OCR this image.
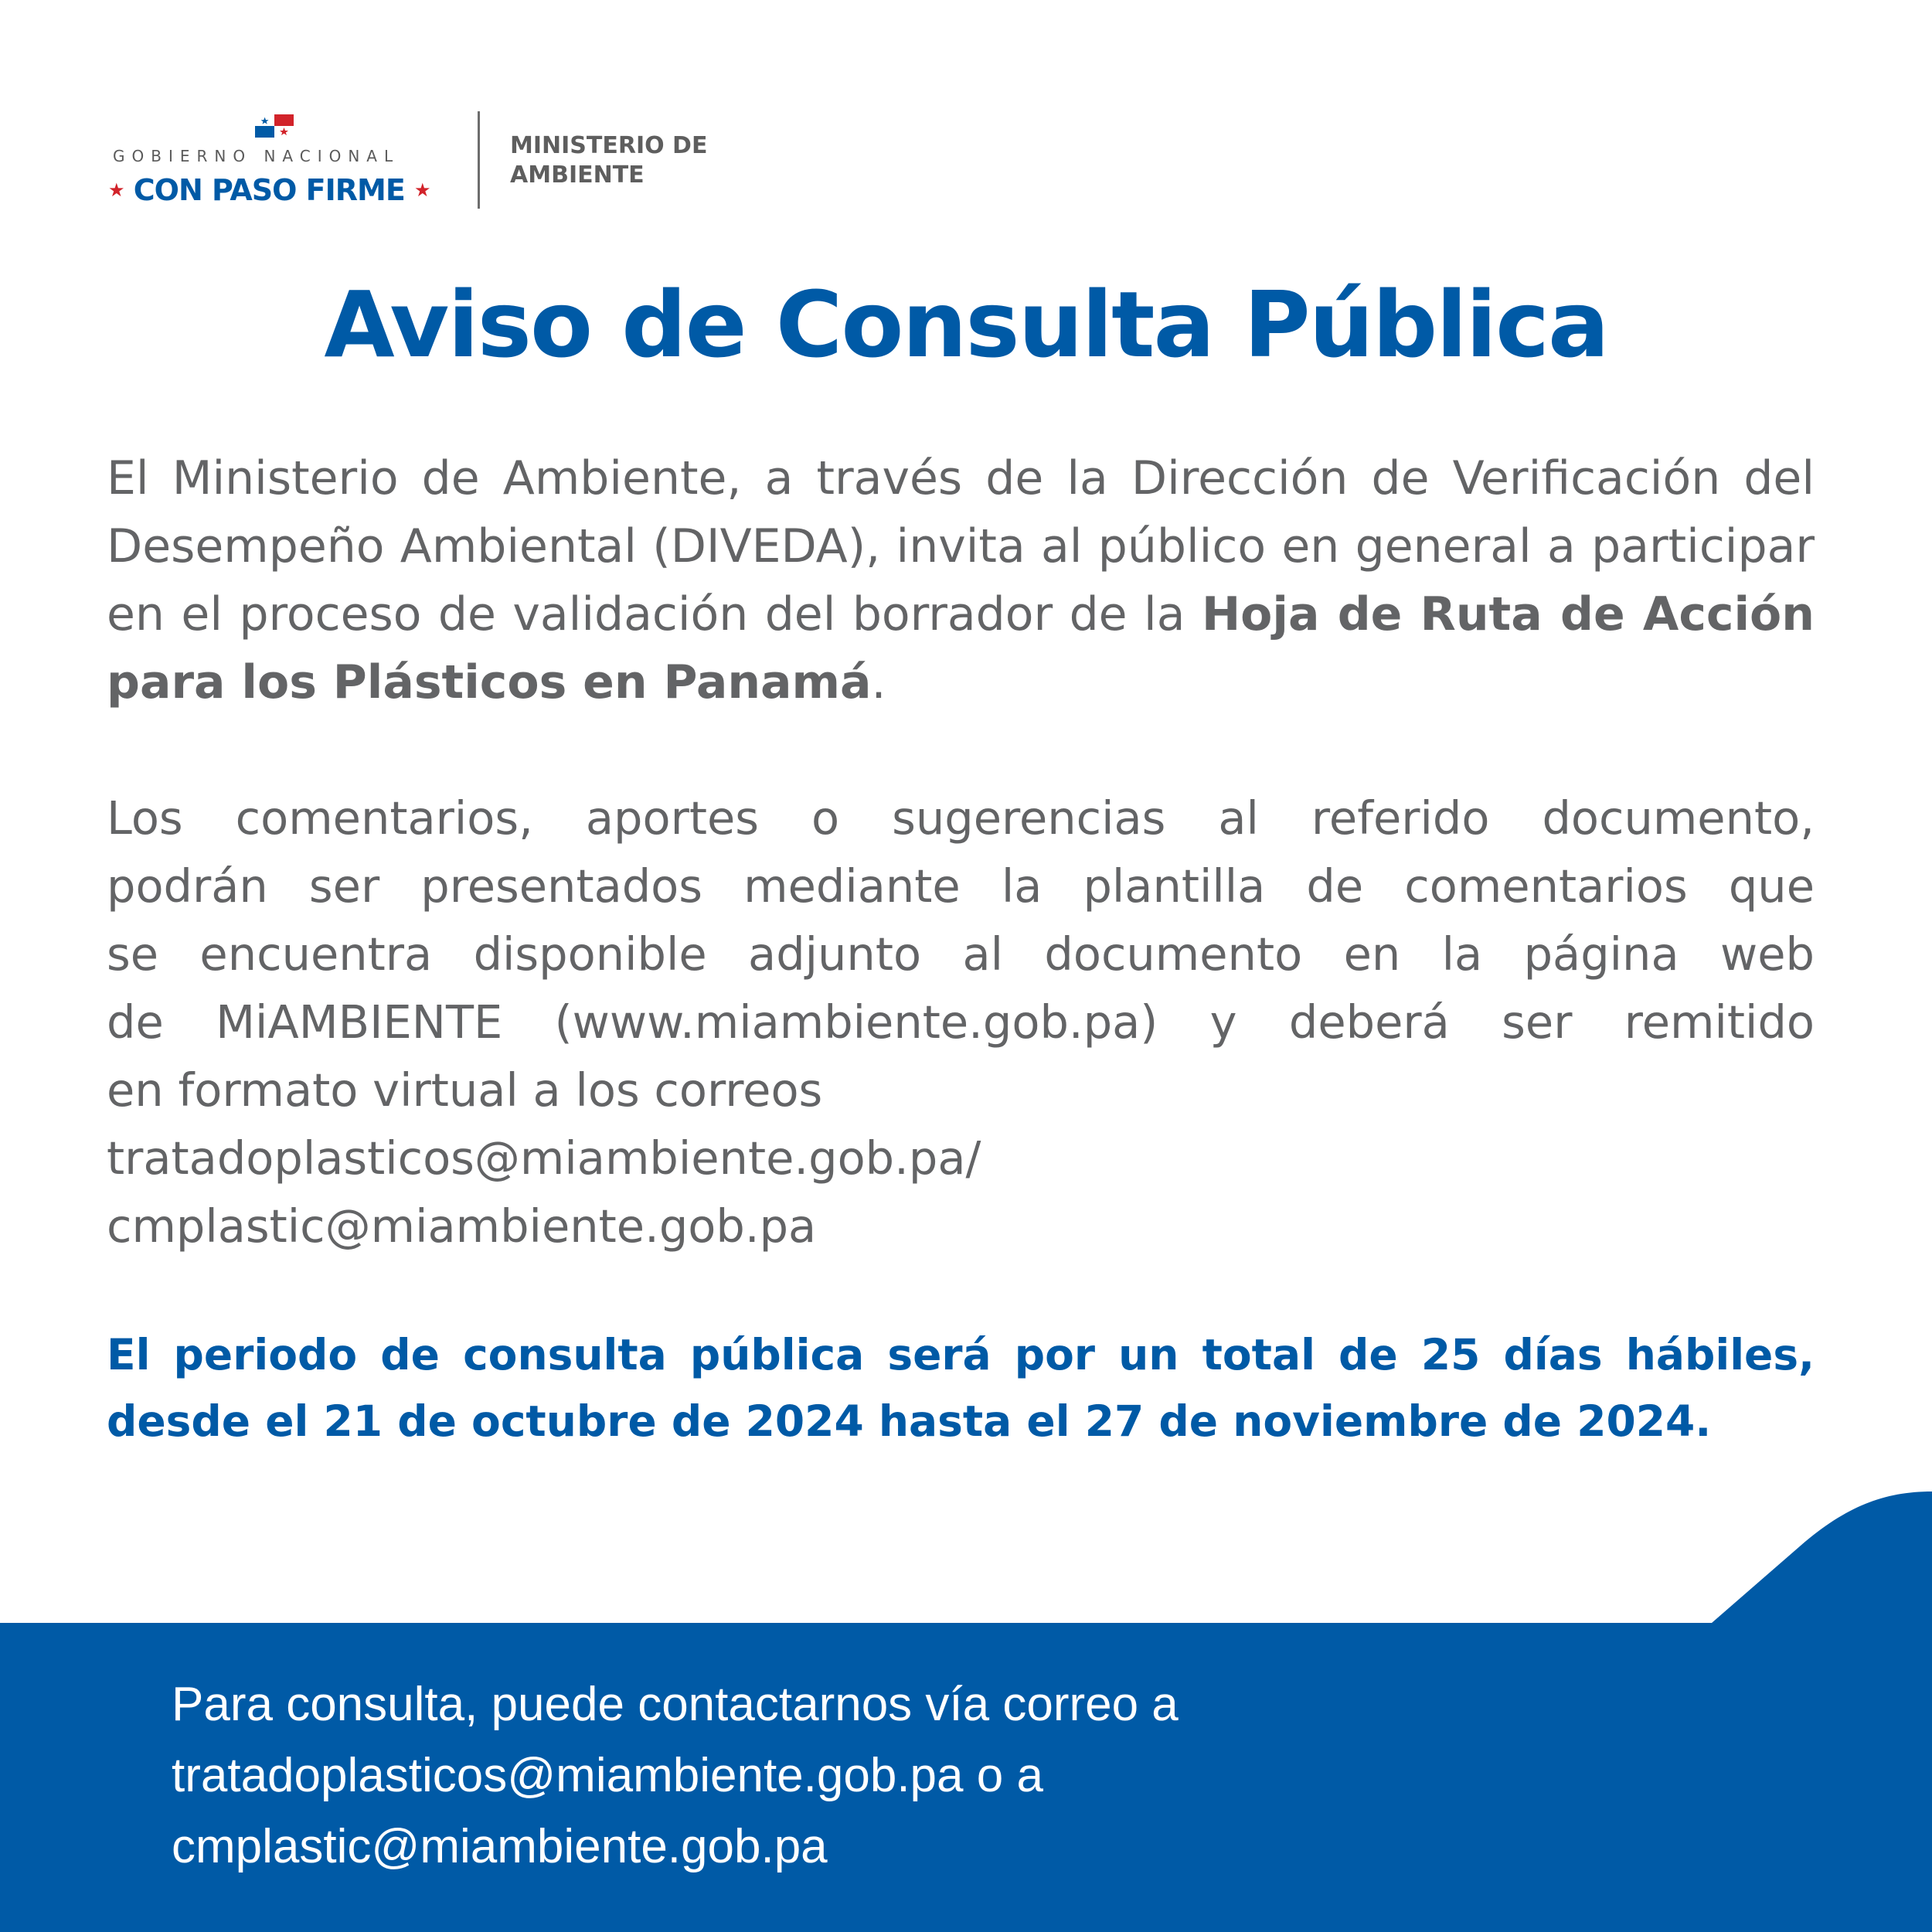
GOBIERNO NACIONAL
★ CON PASO FIRME ★
MINISTERIO DE
AMBIENTE
Aviso de Consulta Pública
El Ministerio de Ambiente, a través de la Dirección de Verificación del Desempeño Ambiental (DIVEDA), invita al público en general a participar en el proceso de validación del borrador de la Hoja de Ruta de Acción para los Plásticos en Panamá.
Los comentarios, aportes o sugerencias al referido documento,
podrán ser presentados mediante la plantilla de comentarios que
se encuentra disponible adjunto al documento en la página web
de MiAMBIENTE (www.miambiente.gob.pa) y deberá ser remitido
en formato virtual a los correos
tratadoplasticos@miambiente.gob.pa/
cmplastic@miambiente.gob.pa
El periodo de consulta pública será por un total de 25 días hábiles, desde el 21 de octubre de 2024 hasta el 27 de noviembre de 2024.
Para consulta, puede contactarnos vía correo a
tratadoplasticos@miambiente.gob.pa o a
cmplastic@miambiente.gob.pa
